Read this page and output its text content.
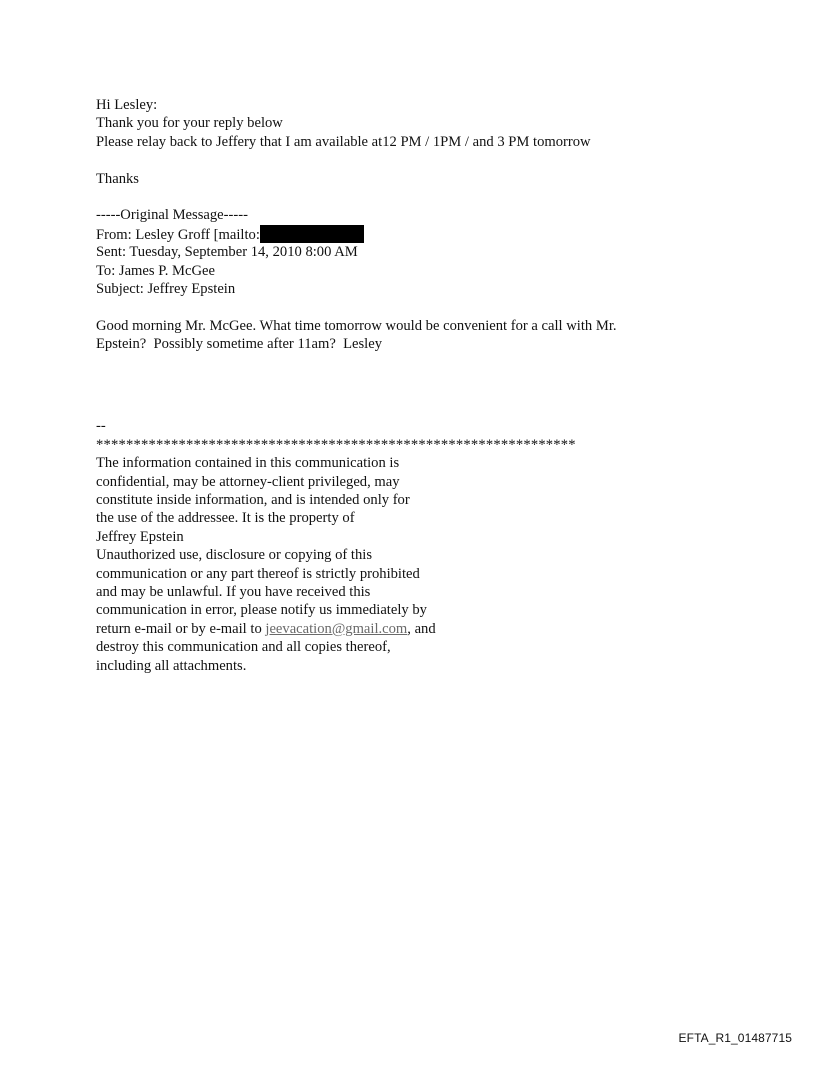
Hi Lesley:
Thank you for your reply below
Please relay back to Jeffery that I am available at12 PM / 1PM / and 3 PM tomorrow
Thanks
-----Original Message-----
From: Lesley Groff [mailto:
Sent: Tuesday, September 14, 2010 8:00 AM
To: James P. McGee
Subject: Jeffrey Epstein
Good morning Mr. McGee. What time tomorrow would be convenient for a call with Mr.
Epstein?  Possibly sometime after 11am?  Lesley
--
****************************************************************
The information contained in this communication is
confidential, may be attorney-client privileged, may
constitute inside information, and is intended only for
the use of the addressee. It is the property of
Jeffrey Epstein
Unauthorized use, disclosure or copying of this
communication or any part thereof is strictly prohibited
and may be unlawful. If you have received this
communication in error, please notify us immediately by
return e-mail or by e-mail to jeevacation@gmail.com, and
destroy this communication and all copies thereof,
including all attachments.
EFTA_R1_01487715
